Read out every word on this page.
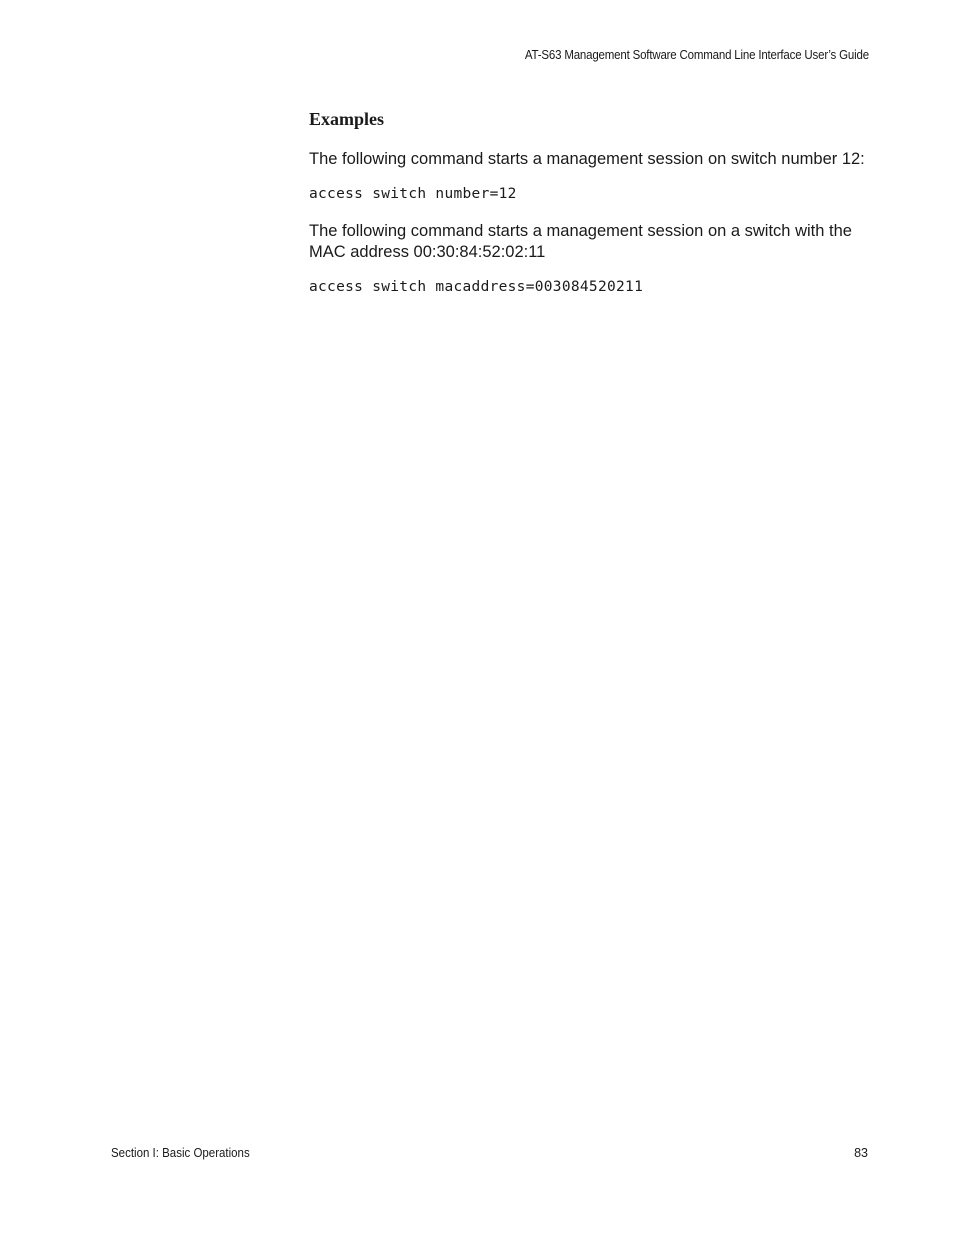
AT-S63 Management Software Command Line Interface User’s Guide
Examples

The following command starts a management session on switch number 12:

access switch number=12

The following command starts a management session on a switch with the MAC address 00:30:84:52:02:11

access switch macaddress=003084520211
Section I: Basic Operations	83
